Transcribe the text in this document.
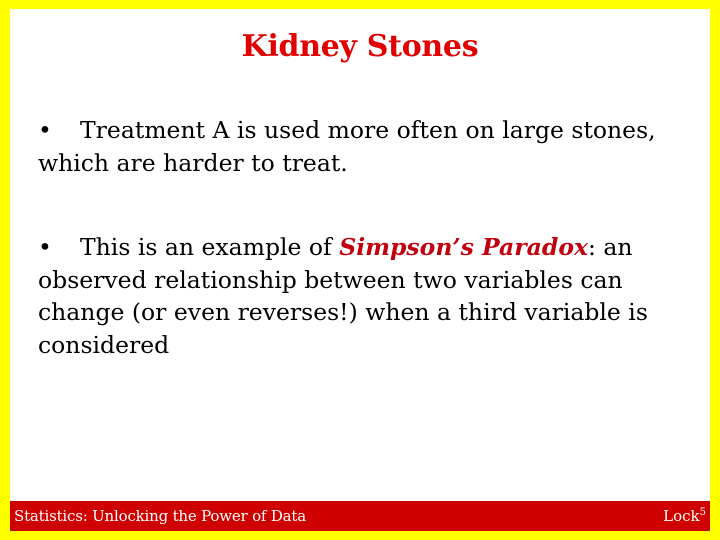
Kidney Stones
• Treatment A is used more often on large stones, which are harder to treat.
• This is an example of Simpson’s Paradox: an observed relationship between two variables can change (or even reverses!) when a third variable is considered
Statistics: Unlocking the Power of Data	Lock$^5$
